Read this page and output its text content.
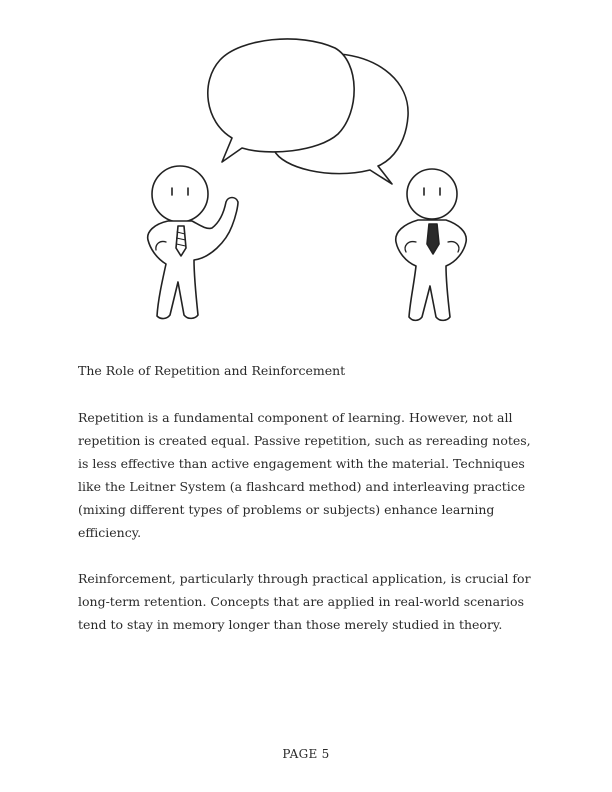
The Role of Repetition and Reinforcement

Repetition is a fundamental component of learning. However, not all repetition is created equal. Passive repetition, such as rereading notes, is less effective than active engagement with the material. Techniques like the Leitner System (a flashcard method) and interleaving practice (mixing different types of problems or subjects) enhance learning efficiency.

Reinforcement, particularly through practical application, is crucial for long-term retention. Concepts that are applied in real-world scenarios tend to stay in memory longer than those merely studied in theory.

PAGE 5
